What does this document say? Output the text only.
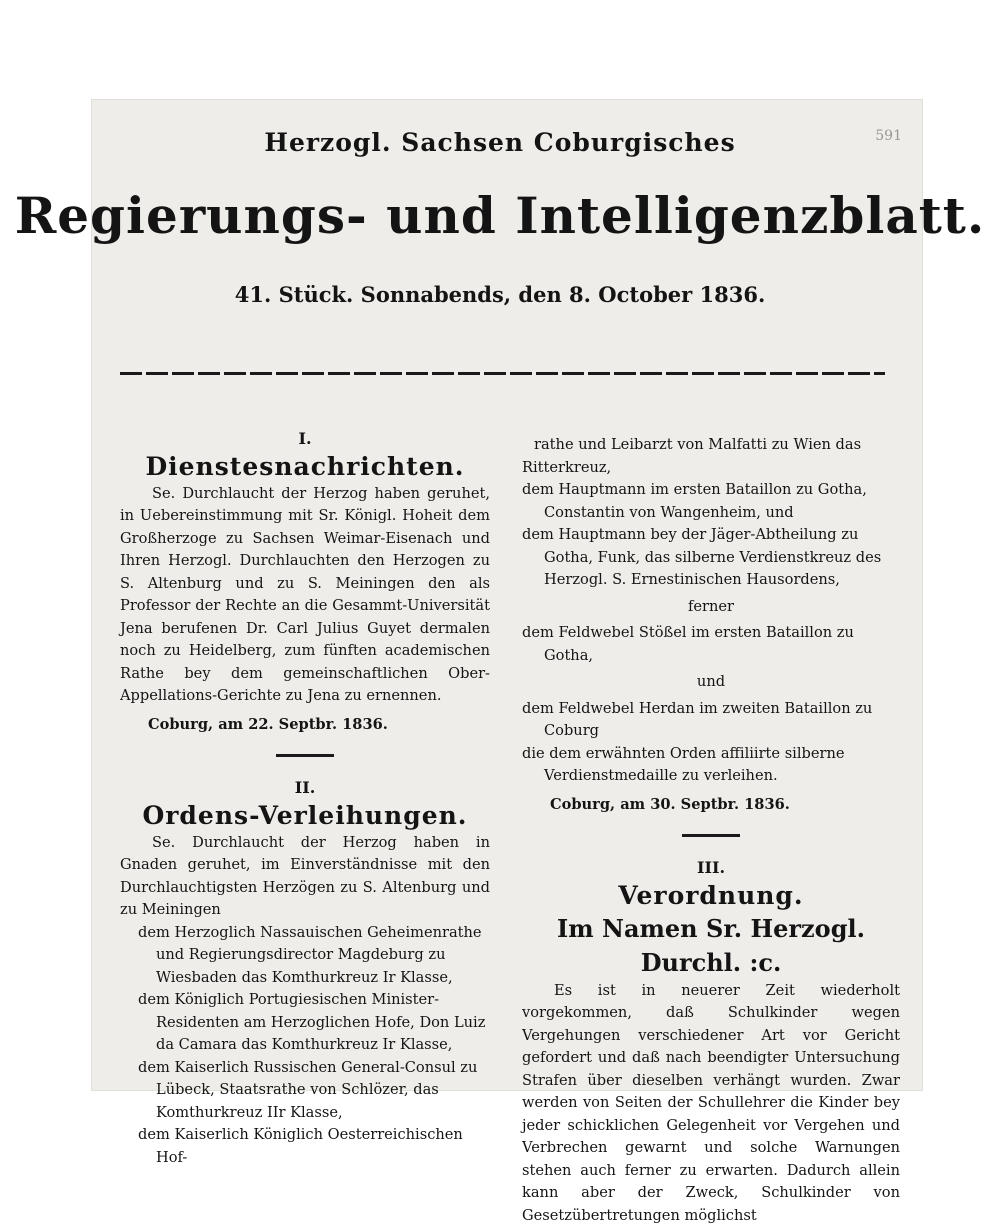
Herzogl. Sachsen Coburgisches	591
Regierungs- und Intelligenzblatt.
41. Stück. Sonnabends, den 8. October 1836.

I.

Dienstesnachrichten.

Se. Durchlaucht der Herzog haben geruhet, in Uebereinstimmung mit Sr. Königl. Hoheit dem Großherzoge zu Sachsen Weimar-Eisenach und Ihren Herzogl. Durchlauchten den Herzogen zu S. Altenburg und zu S. Meiningen den als Professor der Rechte an die Gesammt-Universität Jena berufenen Dr. Carl Julius Guyet dermalen noch zu Heidelberg, zum fünften academischen Rathe bey dem gemeinschaftlichen Ober-Appellations-Gerichte zu Jena zu ernennen.

Coburg, am 22. Septbr. 1836.

II.

Ordens-Verleihungen.

Se. Durchlaucht der Herzog haben in Gnaden geruhet, im Einverständnisse mit den Durchlauchtigsten Herzögen zu S. Altenburg und zu Meiningen

dem Herzoglich Nassauischen Geheimenrathe und Regierungsdirector Magdeburg zu Wiesbaden das Komthurkreuz Ir Klasse,

dem Königlich Portugiesischen Minister-Residenten am Herzoglichen Hofe, Don Luiz da Camara das Komthurkreuz Ir Klasse,

dem Kaiserlich Russischen General-Consul zu Lübeck, Staatsrathe von Schlözer, das Komthurkreuz IIr Klasse,

dem Kaiserlich Königlich Oesterreichischen Hof-

rathe und Leibarzt von Malfatti zu Wien das Ritterkreuz,

dem Hauptmann im ersten Bataillon zu Gotha, Constantin von Wangenheim, und

dem Hauptmann bey der Jäger-Abtheilung zu Gotha, Funk, das silberne Verdienstkreuz des Herzogl. S. Ernestinischen Hausordens,

ferner

dem Feldwebel Stößel im ersten Bataillon zu Gotha,

und

dem Feldwebel Herdan im zweiten Bataillon zu Coburg

die dem erwähnten Orden affiliirte silberne Verdienstmedaille zu verleihen.

Coburg, am 30. Septbr. 1836.

III.

Verordnung.

Im Namen Sr. Herzogl. Durchl. :c.

Es ist in neuerer Zeit wiederholt vorgekommen, daß Schulkinder wegen Vergehungen verschiedener Art vor Gericht gefordert und daß nach beendigter Untersuchung Strafen über dieselben verhängt wurden. Zwar werden von Seiten der Schullehrer die Kinder bey jeder schicklichen Gelegenheit vor Vergehen und Verbrechen gewarnt und solche Warnungen stehen auch ferner zu erwarten. Dadurch allein kann aber der Zweck, Schulkinder von Gesetzübertretungen möglichst
